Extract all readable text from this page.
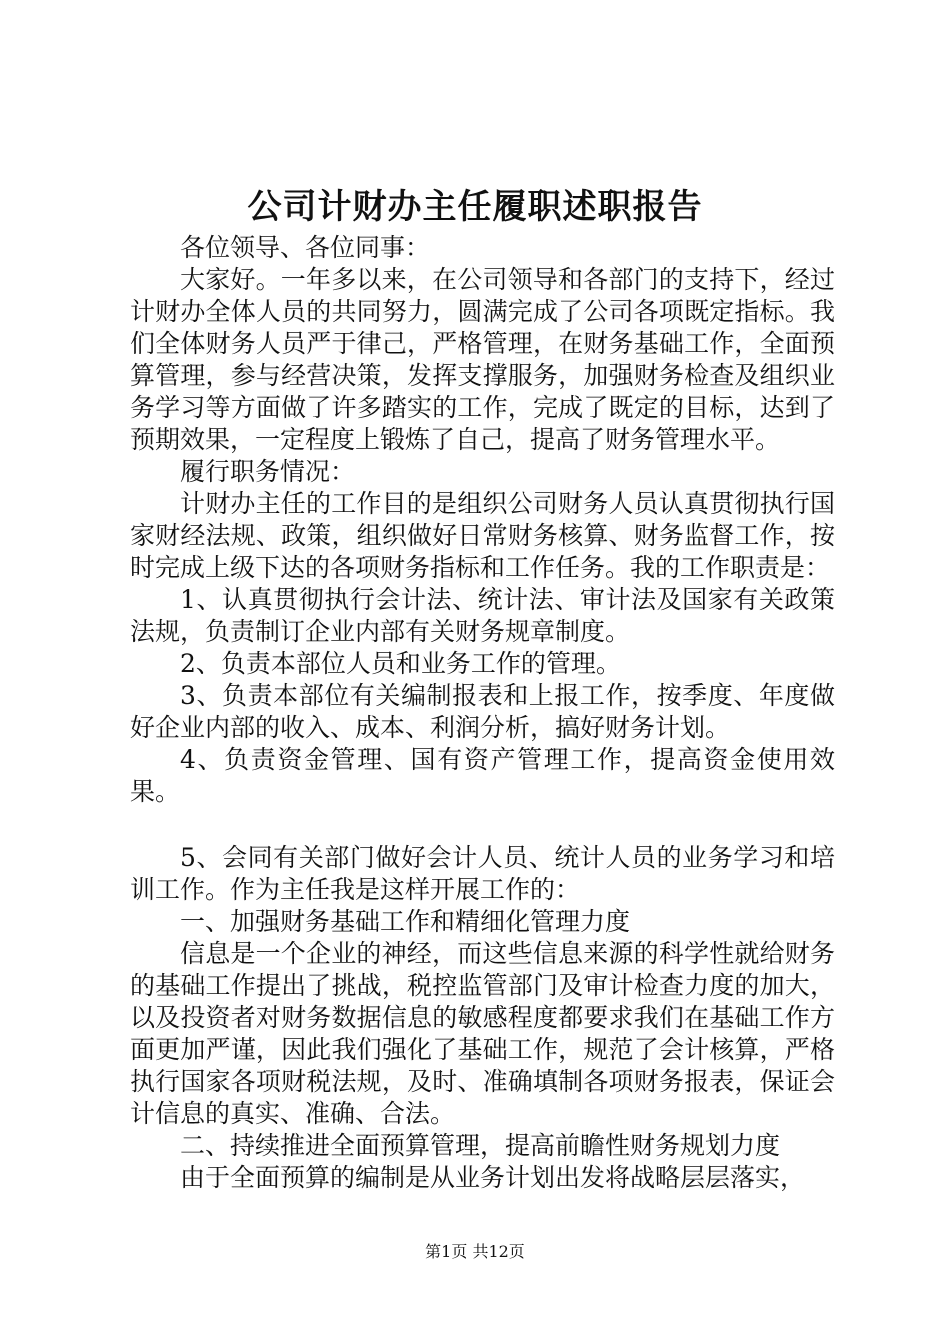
公司计财办主任履职述职报告

各位领导、各位同事：

大家好。一年多以来，在公司领导和各部门的支持下，经过计财办全体人员的共同努力，圆满完成了公司各项既定指标。我们全体财务人员严于律己，严格管理，在财务基础工作，全面预算管理，参与经营决策，发挥支撑服务，加强财务检查及组织业务学习等方面做了许多踏实的工作，完成了既定的目标，达到了预期效果，一定程度上锻炼了自己，提高了财务管理水平。

履行职务情况：

计财办主任的工作目的是组织公司财务人员认真贯彻执行国家财经法规、政策，组织做好日常财务核算、财务监督工作，按时完成上级下达的各项财务指标和工作任务。我的工作职责是：

1、认真贯彻执行会计法、统计法、审计法及国家有关政策法规，负责制订企业内部有关财务规章制度。

2、负责本部位人员和业务工作的管理。

3、负责本部位有关编制报表和上报工作，按季度、年度做好企业内部的收入、成本、利润分析，搞好财务计划。

4、负责资金管理、国有资产管理工作，提高资金使用效果。

5、会同有关部门做好会计人员、统计人员的业务学习和培训工作。作为主任我是这样开展工作的：

一、加强财务基础工作和精细化管理力度

信息是一个企业的神经，而这些信息来源的科学性就给财务的基础工作提出了挑战，税控监管部门及审计检查力度的加大，以及投资者对财务数据信息的敏感程度都要求我们在基础工作方面更加严谨，因此我们强化了基础工作，规范了会计核算，严格执行国家各项财税法规，及时、准确填制各项财务报表，保证会计信息的真实、准确、合法。

二、持续推进全面预算管理，提高前瞻性财务规划力度

由于全面预算的编制是从业务计划出发将战略层层落实，

第1页 共12页
